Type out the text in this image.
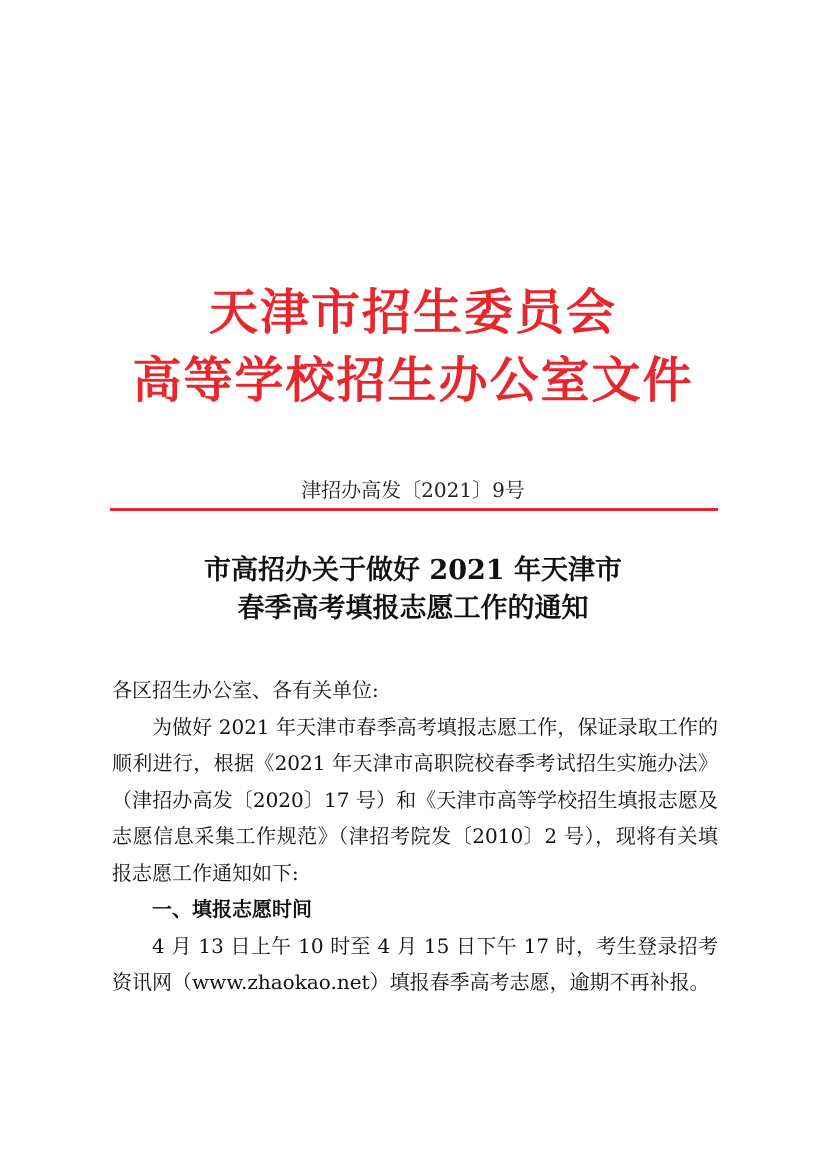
天津市招生委员会
高等学校招生办公室文件
津招办高发〔2021〕9号
市高招办关于做好 2021 年天津市
春季高考填报志愿工作的通知

各区招生办公室、各有关单位:

为做好 2021 年天津市春季高考填报志愿工作，保证录取工作的顺利进行，根据《2021 年天津市高职院校春季考试招生实施办法》（津招办高发〔2020〕17 号）和《天津市高等学校招生填报志愿及志愿信息采集工作规范》（津招考院发〔2010〕2 号），现将有关填报志愿工作通知如下:

一、填报志愿时间

4 月 13 日上午 10 时至 4 月 15 日下午 17 时，考生登录招考资讯网（www.zhaokao.net）填报春季高考志愿，逾期不再补报。
